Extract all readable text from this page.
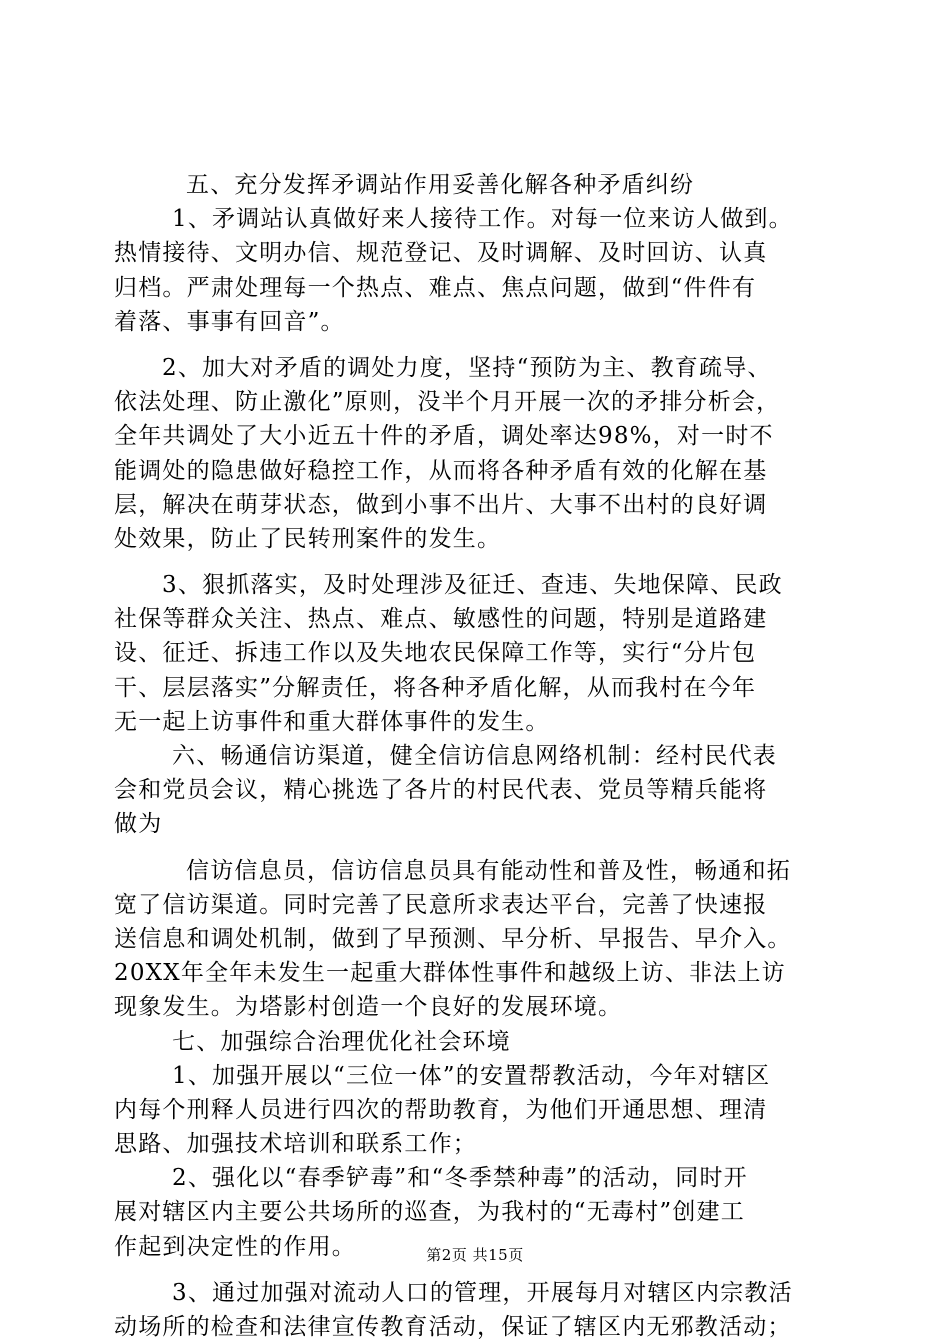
五、充分发挥矛调站作用妥善化解各种矛盾纠纷
1、矛调站认真做好来人接待工作。对每一位来访人做到。
热情接待、文明办信、规范登记、及时调解、及时回访、认真
归档。严肃处理每一个热点、难点、焦点问题，做到“件件有
着落、事事有回音”。
2、加大对矛盾的调处力度，坚持“预防为主、教育疏导、
依法处理、防止激化”原则，没半个月开展一次的矛排分析会，
全年共调处了大小近五十件的矛盾，调处率达98%，对一时不
能调处的隐患做好稳控工作，从而将各种矛盾有效的化解在基
层，解决在萌芽状态，做到小事不出片、大事不出村的良好调
处效果，防止了民转刑案件的发生。
3、狠抓落实，及时处理涉及征迁、查违、失地保障、民政
社保等群众关注、热点、难点、敏感性的问题，特别是道路建
设、征迁、拆违工作以及失地农民保障工作等，实行“分片包
干、层层落实”分解责任，将各种矛盾化解，从而我村在今年
无一起上访事件和重大群体事件的发生。
六、畅通信访渠道，健全信访信息网络机制：经村民代表
会和党员会议，精心挑选了各片的村民代表、党员等精兵能将
做为
信访信息员，信访信息员具有能动性和普及性，畅通和拓
宽了信访渠道。同时完善了民意所求表达平台，完善了快速报
送信息和调处机制，做到了早预测、早分析、早报告、早介入。
20XX年全年未发生一起重大群体性事件和越级上访、非法上访
现象发生。为塔影村创造一个良好的发展环境。
七、加强综合治理优化社会环境
1、加强开展以“三位一体”的安置帮教活动，今年对辖区
内每个刑释人员进行四次的帮助教育，为他们开通思想、理清
思路、加强技术培训和联系工作；
2、强化以“春季铲毒”和“冬季禁种毒”的活动，同时开
展对辖区内主要公共场所的巡查，为我村的“无毒村”创建工
作起到决定性的作用。
3、通过加强对流动人口的管理，开展每月对辖区内宗教活
动场所的检查和法律宣传教育活动，保证了辖区内无邪教活动；
第2页 共15页
